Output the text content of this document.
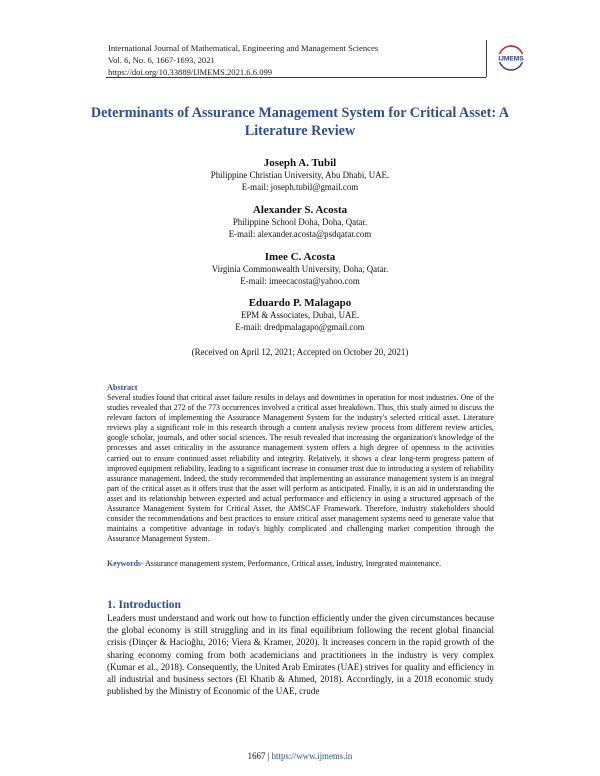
International Journal of Mathematical, Engineering and Management Sciences
Vol. 6, No. 6, 1667-1693, 2021
https://doi.org/10.33889/IJMEMS.2021.6.6.099
IJMEMS
Determinants of Assurance Management System for Critical Asset: A Literature Review
Joseph A. Tubil
Philippine Christian University, Abu Dhabi, UAE.
E-mail: joseph.tubil@gmail.com
Alexander S. Acosta
Philippine School Doha, Doha, Qatar.
E-mail: alexander.acosta@psdqatar.com
Imee C. Acosta
Virginia Commonwealth University, Doha, Qatar.
E-mail: imeecacosta@yahoo.com
Eduardo P. Malagapo
EPM & Associates, Dubai, UAE.
E-mail: dredpmalagapo@gmail.com
(Received on April 12, 2021; Accepted on October 20, 2021)
Abstract
Several studies found that critical asset failure results in delays and downtimes in operation for most industries. One of the studies revealed that 272 of the 773 occurrences involved a critical asset breakdown. Thus, this study aimed to discuss the relevant factors of implementing the Assurance Management System for the industry's selected critical asset. Literature reviews play a significant role in this research through a content analysis review process from different review articles, google scholar, journals, and other social sciences. The result revealed that increasing the organization's knowledge of the processes and asset criticality in the assurance management system offers a high degree of openness to the activities carried out to ensure continued asset reliability and integrity. Relatively, it shows a clear long-term progress pattern of improved equipment reliability, leading to a significant increase in consumer trust due to introducing a system of reliability assurance management. Indeed, the study recommended that implementing an assurance management system is an integral part of the critical asset as it offers trust that the asset will perform as anticipated. Finally, it is an aid in understanding the asset and its relationship between expected and actual performance and efficiency in using a structured approach of the Assurance Management System for Critical Asset, the AMSCAF Framework. Therefore, industry stakeholders should consider the recommendations and best practices to ensure critical asset management systems need to generate value that maintains a competitive advantage in today's highly complicated and challenging market competition through the Assurance Management System.
Keywords- Assurance management system, Performance, Critical asset, Industry, Integrated maintenance.
1. Introduction
Leaders must understand and work out how to function efficiently under the given circumstances because the global economy is still struggling and in its final equilibrium following the recent global financial crisis (Dinçer & Hacioğlu, 2016; Viera & Kramer, 2020). It increases concern in the rapid growth of the sharing economy coming from both academicians and practitioners in the industry is very complex (Kumar et al., 2018). Consequently, the United Arab Emirates (UAE) strives for quality and efficiency in all industrial and business sectors (El Khatib & Ahmed, 2018). Accordingly, in a 2018 economic study published by the Ministry of Economic of the UAE, crude
1667 | https://www.ijmems.in
